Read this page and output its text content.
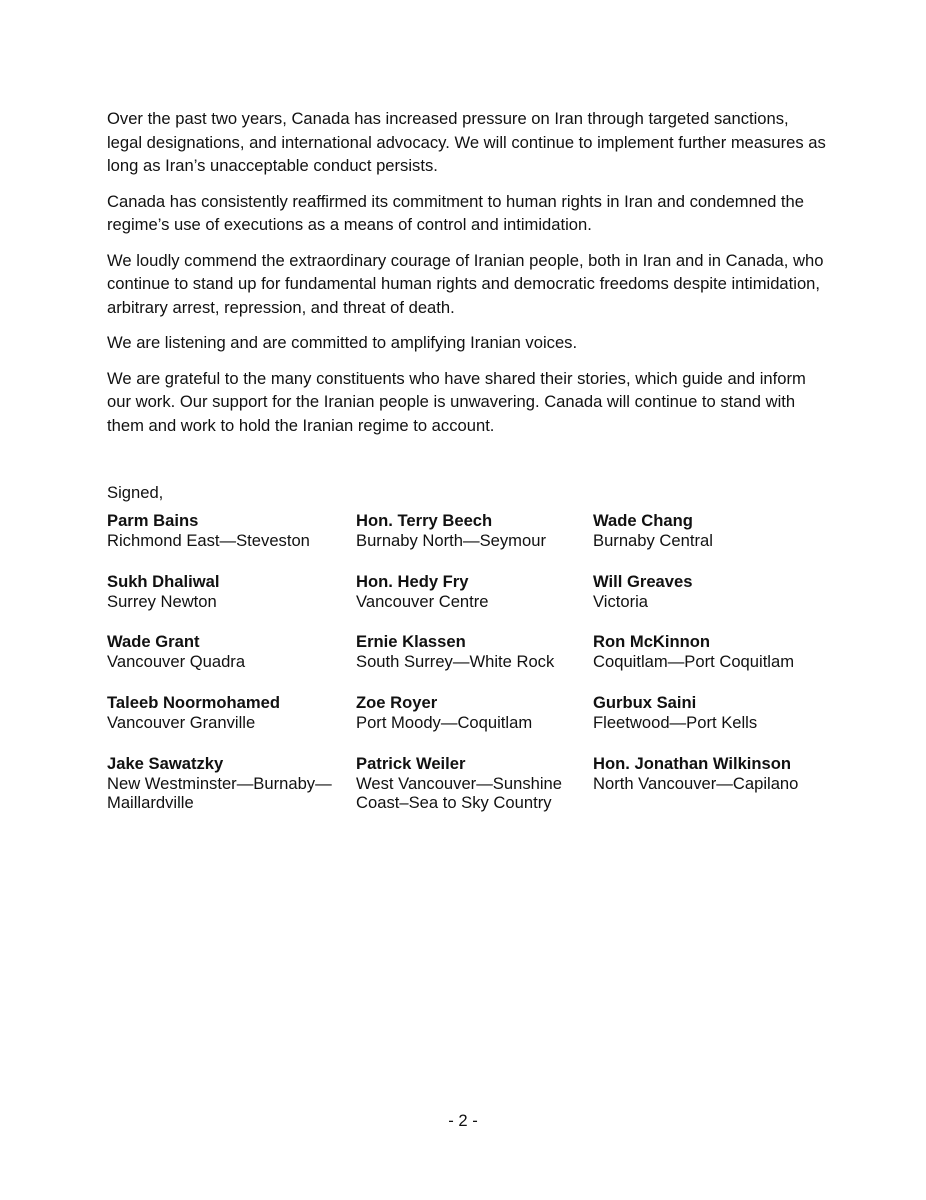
Over the past two years, Canada has increased pressure on Iran through targeted sanctions, legal designations, and international advocacy. We will continue to implement further measures as long as Iran’s unacceptable conduct persists.

Canada has consistently reaffirmed its commitment to human rights in Iran and condemned the regime’s use of executions as a means of control and intimidation.

We loudly commend the extraordinary courage of Iranian people, both in Iran and in Canada, who continue to stand up for fundamental human rights and democratic freedoms despite intimidation, arbitrary arrest, repression, and threat of death.

We are listening and are committed to amplifying Iranian voices.

We are grateful to the many constituents who have shared their stories, which guide and inform our work. Our support for the Iranian people is unwavering. Canada will continue to stand with them and work to hold the Iranian regime to account.

Signed,
Parm Bains
Richmond East—Steveston
Hon. Terry Beech
Burnaby North—Seymour
Wade Chang
Burnaby Central
Sukh Dhaliwal
Surrey Newton
Hon. Hedy Fry
Vancouver Centre
Will Greaves
Victoria
Wade Grant
Vancouver Quadra
Ernie Klassen
South Surrey—White Rock
Ron McKinnon
Coquitlam—Port Coquitlam
Taleeb Noormohamed
Vancouver Granville
Zoe Royer
Port Moody—Coquitlam
Gurbux Saini
Fleetwood—Port Kells
Jake Sawatzky
New Westminster—Burnaby—
Maillardville
Patrick Weiler
West Vancouver—Sunshine
Coast–Sea to Sky Country
Hon. Jonathan Wilkinson
North Vancouver—Capilano
- 2 -
